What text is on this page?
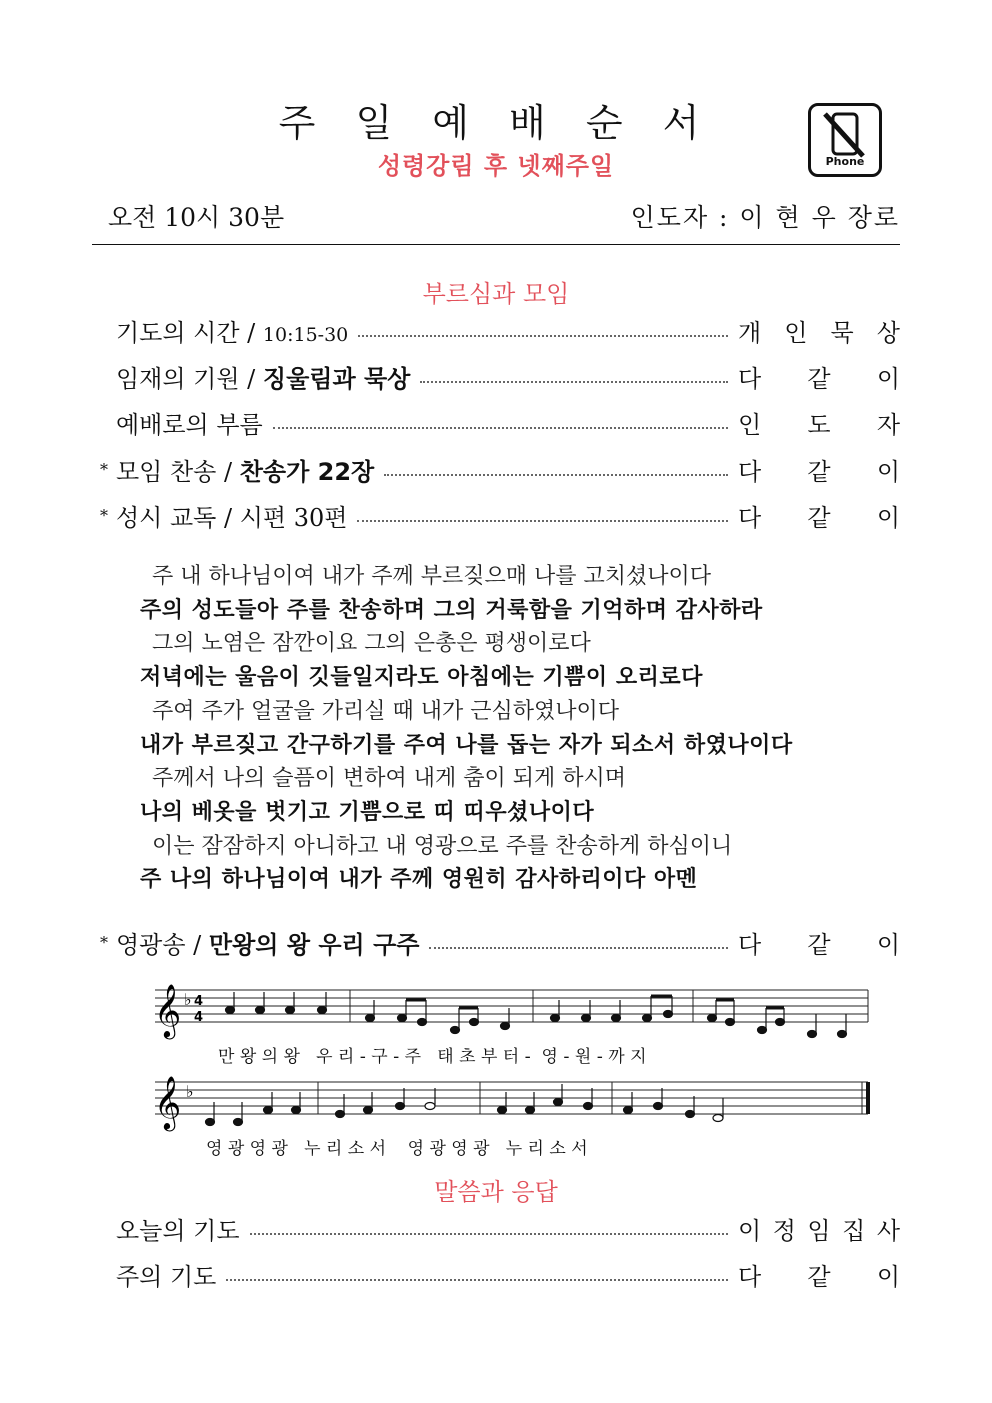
주 일 예 배 순 서
성령강림 후 넷째주일	Phone
오전 10시 30분	인도자 : 이 현 우 장로
부르심과 모임
기도의 시간 / 10:15-30	개 인 묵 상
임재의 기원 / 징울림과 묵상	다 같 이
예배로의 부름	인 도 자
* 모임 찬송 / 찬송가 22장	다 같 이
* 성시 교독 / 시편 30편	다 같 이
주 내 하나님이여 내가 주께 부르짖으매 나를 고치셨나이다
주의 성도들아 주를 찬송하며 그의 거룩함을 기억하며 감사하라
그의 노염은 잠깐이요 그의 은총은 평생이로다
저녁에는 울음이 깃들일지라도 아침에는 기쁨이 오리로다
주여 주가 얼굴을 가리실 때 내가 근심하였나이다
내가 부르짖고 간구하기를 주여 나를 돕는 자가 되소서 하였나이다
주께서 나의 슬픔이 변하여 내게 춤이 되게 하시며
나의 베옷을 벗기고 기쁨으로 띠 띠우셨나이다
이는 잠잠하지 아니하고 내 영광으로 주를 찬송하게 하심이니
주 나의 하나님이여 내가 주께 영원히 감사하리이다 아멘
* 영광송 / 만왕의 왕 우리 구주	다 같 이
𝄞 ♭ 4
4
만 왕 의 왕   우 리 - 구 - 주   태 초 부 터 -  영 - 원 - 까 지
𝄞 ♭
영 광 영 광   누 리 소 서    영 광 영 광   누 리 소 서
말씀과 응답
오늘의 기도	이 정 임 집 사
주의 기도	다 같 이
